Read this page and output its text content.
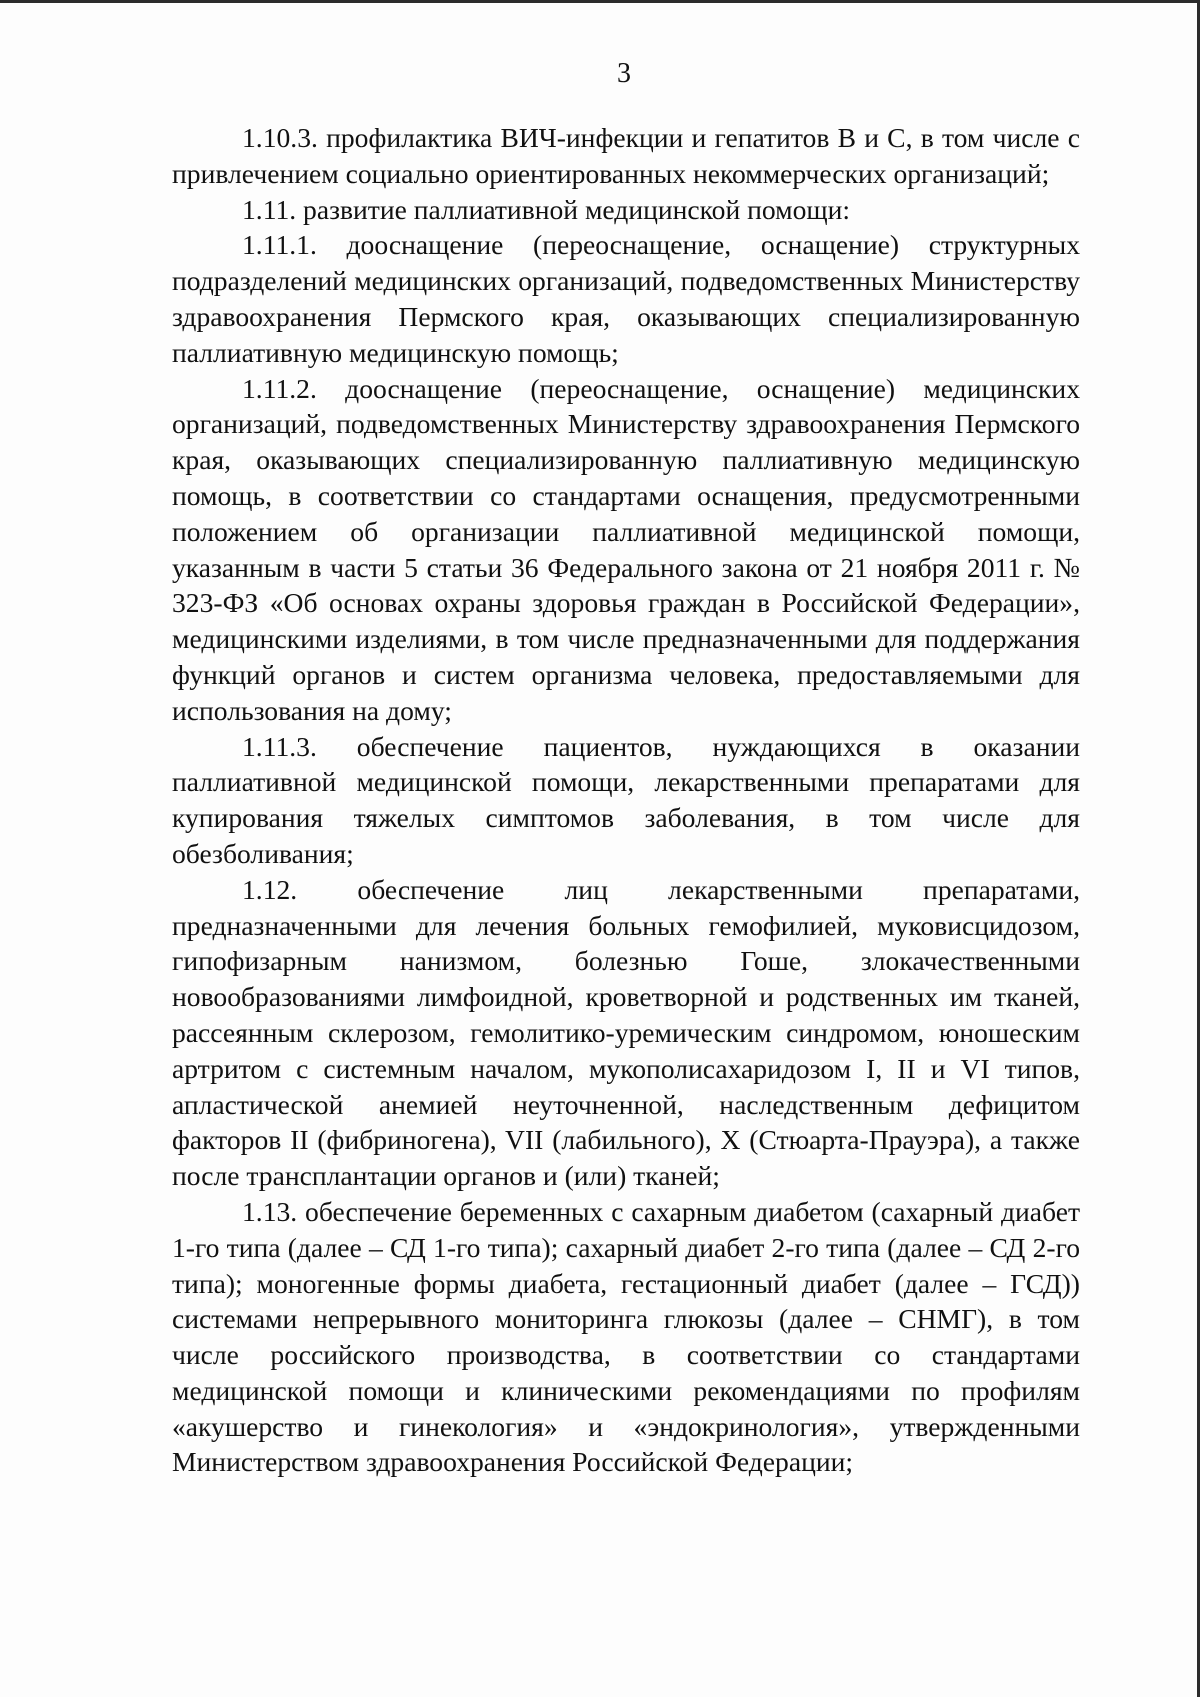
3

1.10.3. профилактика ВИЧ-инфекции и гепатитов В и С, в том числе с привлечением социально ориентированных некоммерческих организаций;

1.11. развитие паллиативной медицинской помощи:

1.11.1. дооснащение (переоснащение, оснащение) структурных подразделений медицинских организаций, подведомственных Министерству здравоохранения Пермского края, оказывающих специализированную паллиативную медицинскую помощь;

1.11.2. дооснащение (переоснащение, оснащение) медицинских организаций, подведомственных Министерству здравоохранения Пермского края, оказывающих специализированную паллиативную медицинскую помощь, в соответствии со стандартами оснащения, предусмотренными положением об организации паллиативной медицинской помощи, указанным в части 5 статьи 36 Федерального закона от 21 ноября 2011 г. № 323-ФЗ «Об основах охраны здоровья граждан в Российской Федерации», медицинскими изделиями, в том числе предназначенными для поддержания функций органов и систем организма человека, предоставляемыми для использования на дому;

1.11.3. обеспечение пациентов, нуждающихся в оказании паллиативной медицинской помощи, лекарственными препаратами для купирования тяжелых симптомов заболевания, в том числе для обезболивания;

1.12. обеспечение лиц лекарственными препаратами, предназначенными для лечения больных гемофилией, муковисцидозом, гипофизарным нанизмом, болезнью Гоше, злокачественными новообразованиями лимфоидной, кроветворной и родственных им тканей, рассеянным склерозом, гемолитико-уремическим синдромом, юношеским артритом с системным началом, мукополисахаридозом I, II и VI типов, апластической анемией неуточненной, наследственным дефицитом факторов II (фибриногена), VII (лабильного), X (Стюарта-Прауэра), а также после трансплантации органов и (или) тканей;

1.13. обеспечение беременных с сахарным диабетом (сахарный диабет 1-го типа (далее – СД 1-го типа); сахарный диабет 2-го типа (далее – СД 2-го типа); моногенные формы диабета, гестационный диабет (далее – ГСД)) системами непрерывного мониторинга глюкозы (далее – СНМГ), в том числе российского производства, в соответствии со стандартами медицинской помощи и клиническими рекомендациями по профилям «акушерство и гинекология» и «эндокринология», утвержденными Министерством здравоохранения Российской Федерации;
